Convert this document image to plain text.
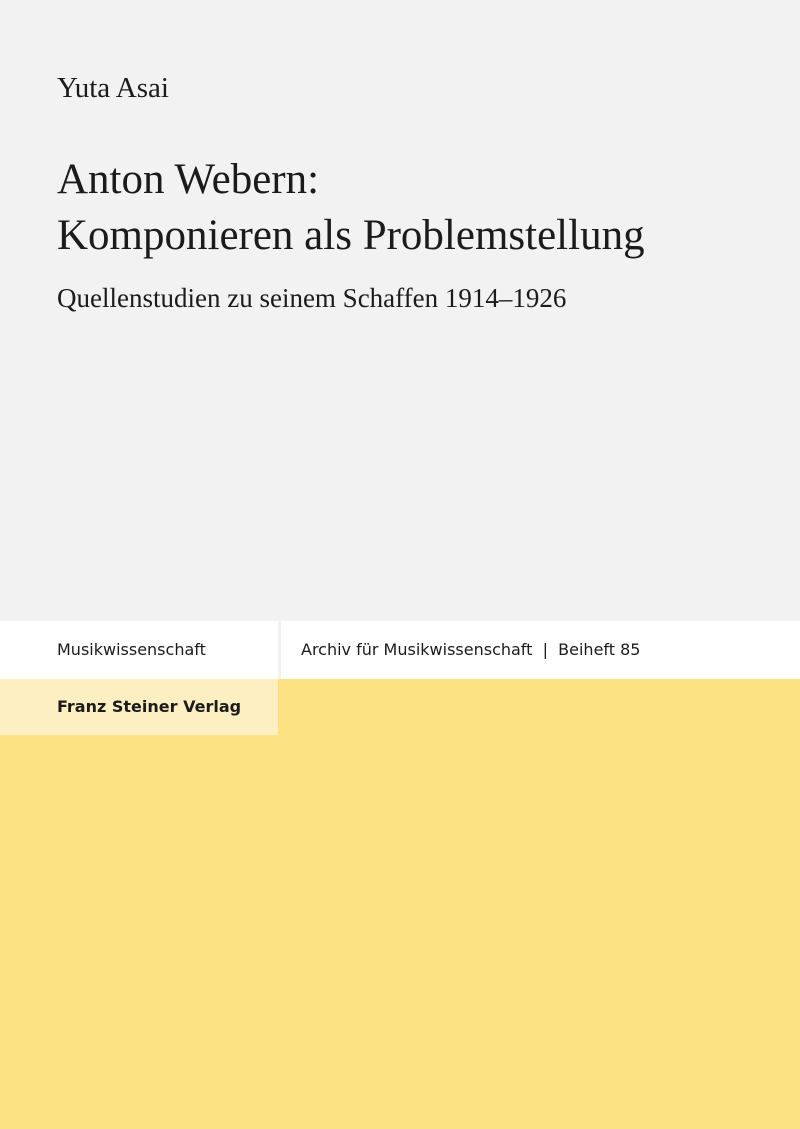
Yuta Asai
Anton Webern:
Komponieren als Problemstellung
Quellenstudien zu seinem Schaffen 1914–1926
Musikwissenschaft	Archiv für Musikwissenschaft  |  Beiheft 85
Franz Steiner Verlag
